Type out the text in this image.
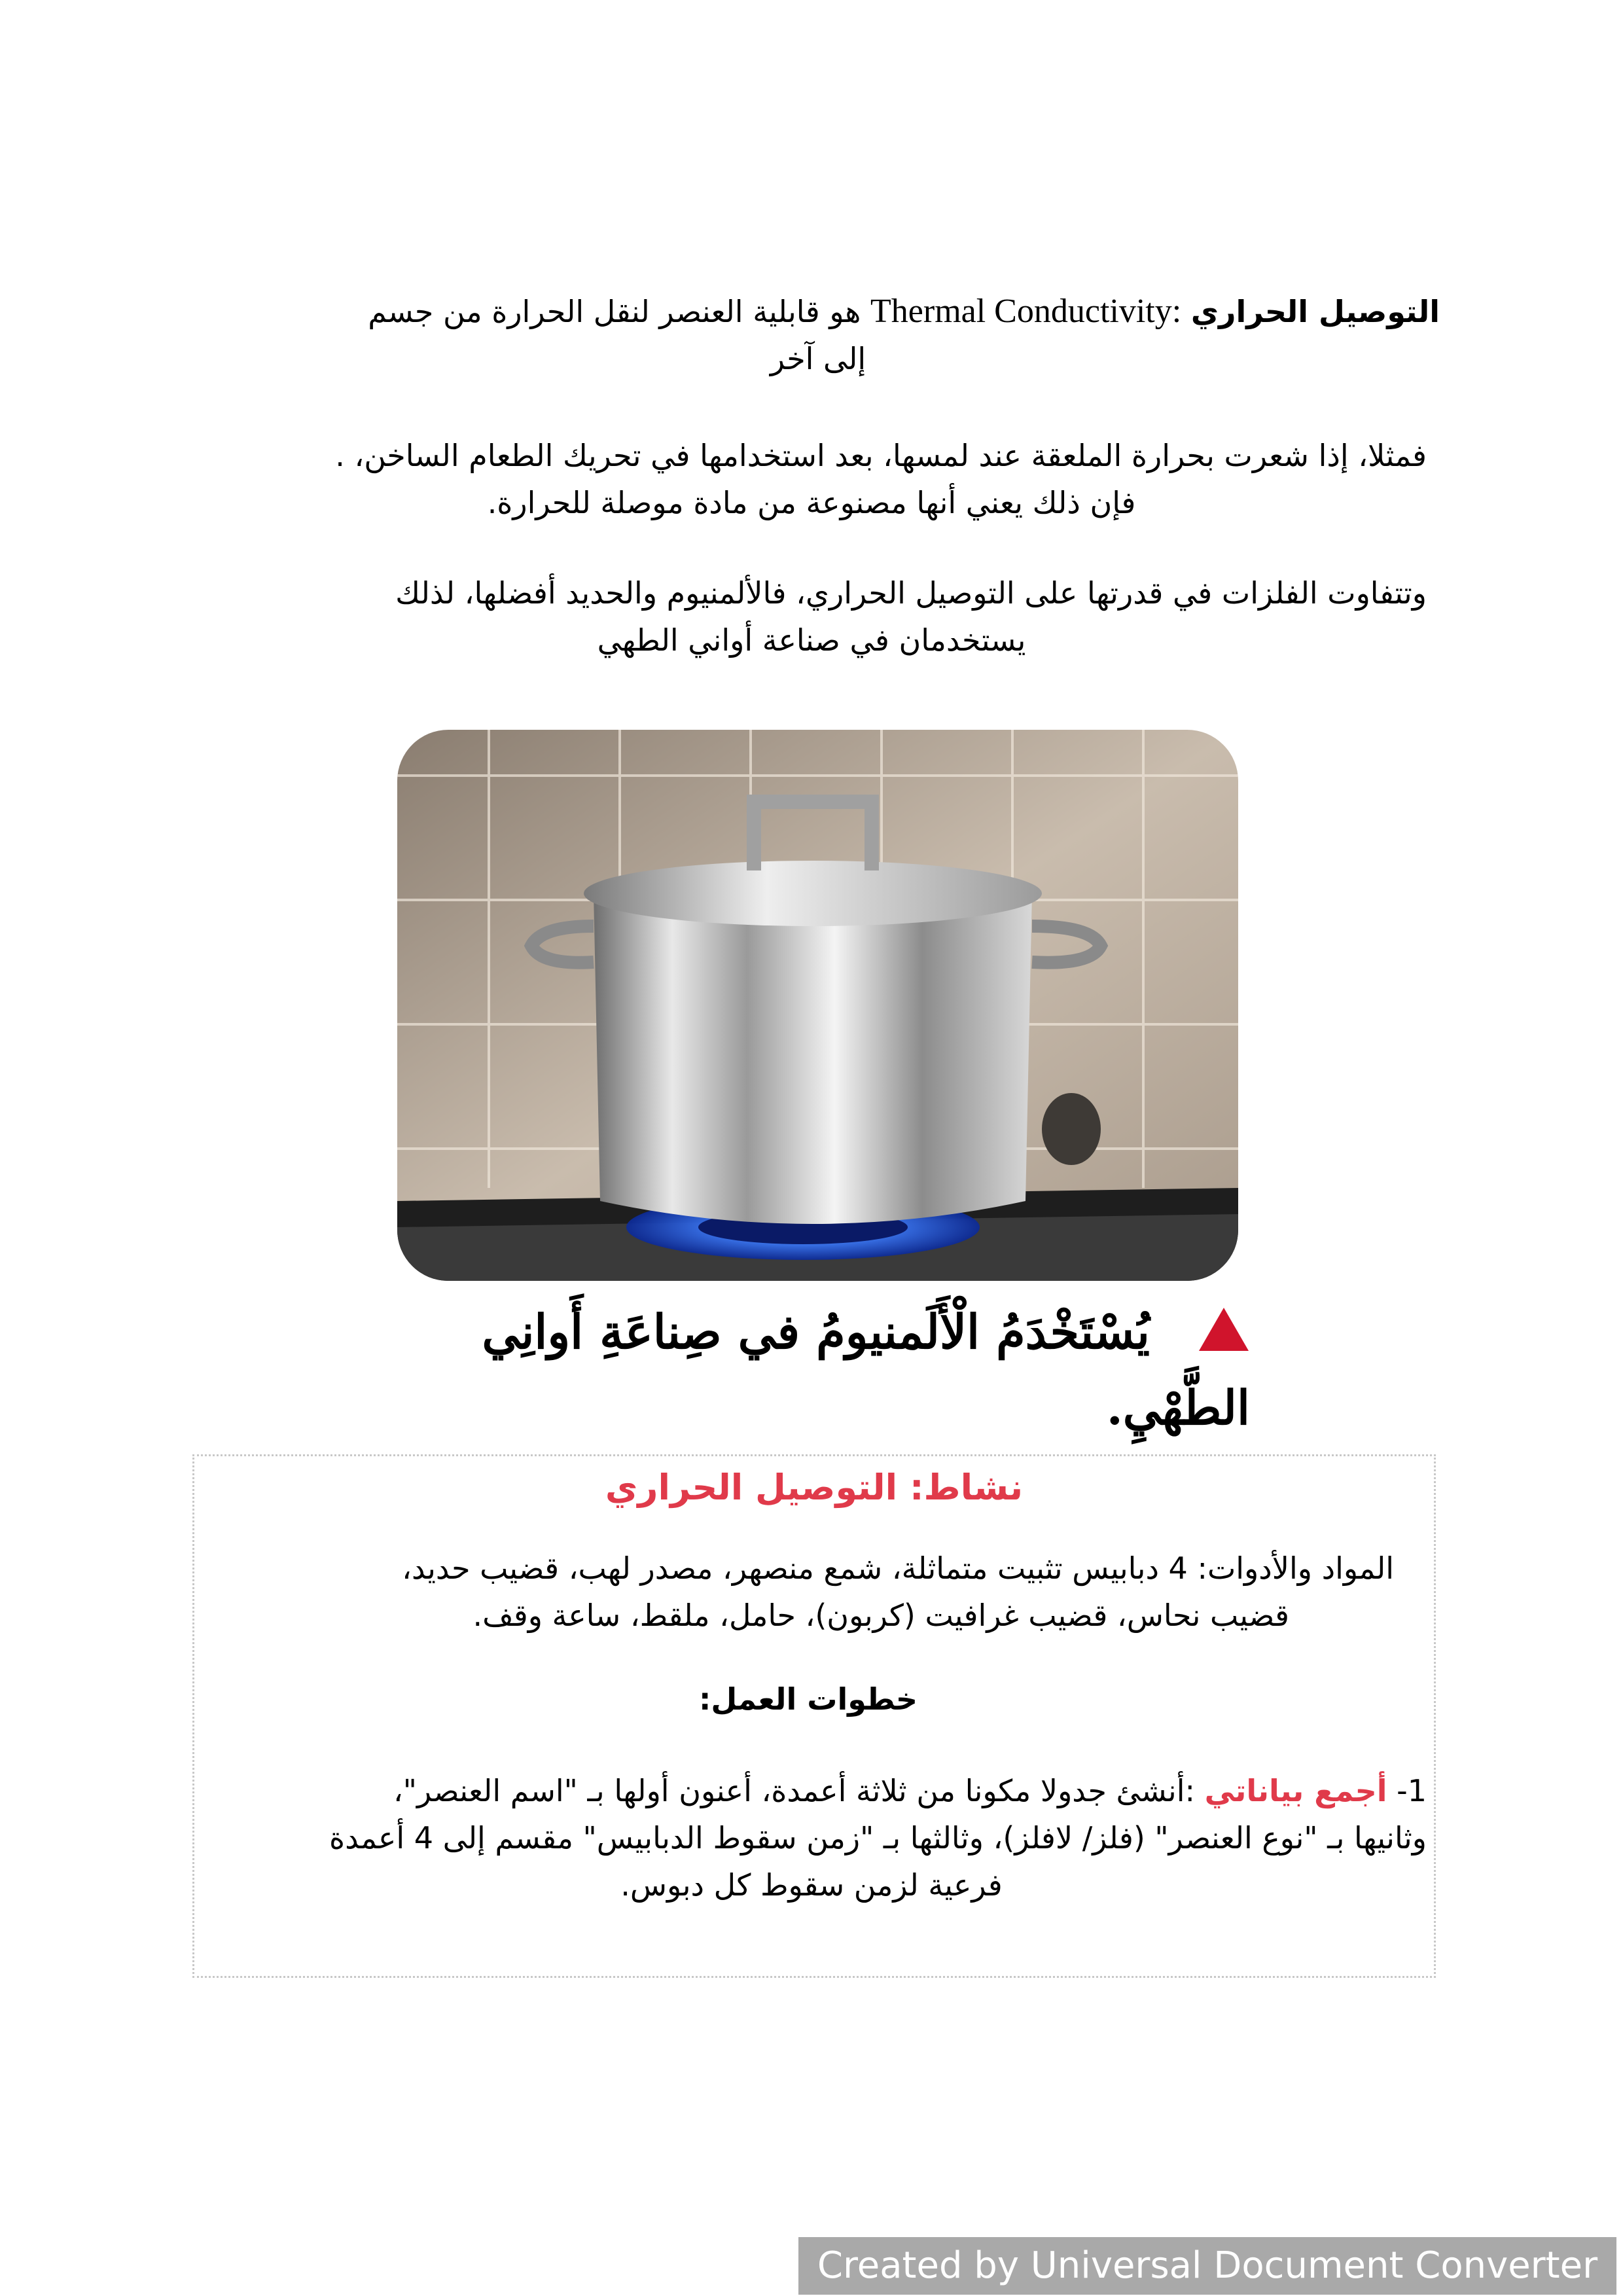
التوصيل الحراري Thermal Conductivity: هو قابلية العنصر لنقل الحرارة من جسم

إلى آخر
فمثلا، إذا شعرت بحرارة الملعقة عند لمسها، بعد استخدامها في تحريك الطعام الساخن، .

فإن ذلك يعني أنها مصنوعة من مادة موصلة للحرارة.
وتتفاوت الفلزات في قدرتها على التوصيل الحراري، فالألمنيوم والحديد أفضلها، لذلك

يستخدمان في صناعة أواني الطهي
يُسْتَخْدَمُ الْأَلَمنيومُ في صِناعَةِ أَوانِي الطَّهْيِ.
نشاط: التوصيل الحراري
المواد والأدوات: 4 دبابيس تثبيت متماثلة، شمع منصهر، مصدر لهب، قضيب حديد،

قضيب نحاس، قضيب غرافيت (كربون)، حامل، ملقط، ساعة وقف.
خطوات العمل:
1- أجمع بياناتي :أنشئ جدولا مكونا من ثلاثة أعمدة، أعنون أولها بـ "اسم العنصر"،
وثانيها بـ "نوع العنصر" (فلز/ لافلز)، وثالثها بـ "زمن سقوط الدبابيس" مقسم إلى 4 أعمدة

فرعية لزمن سقوط كل دبوس.
Created by Universal Document Converter
